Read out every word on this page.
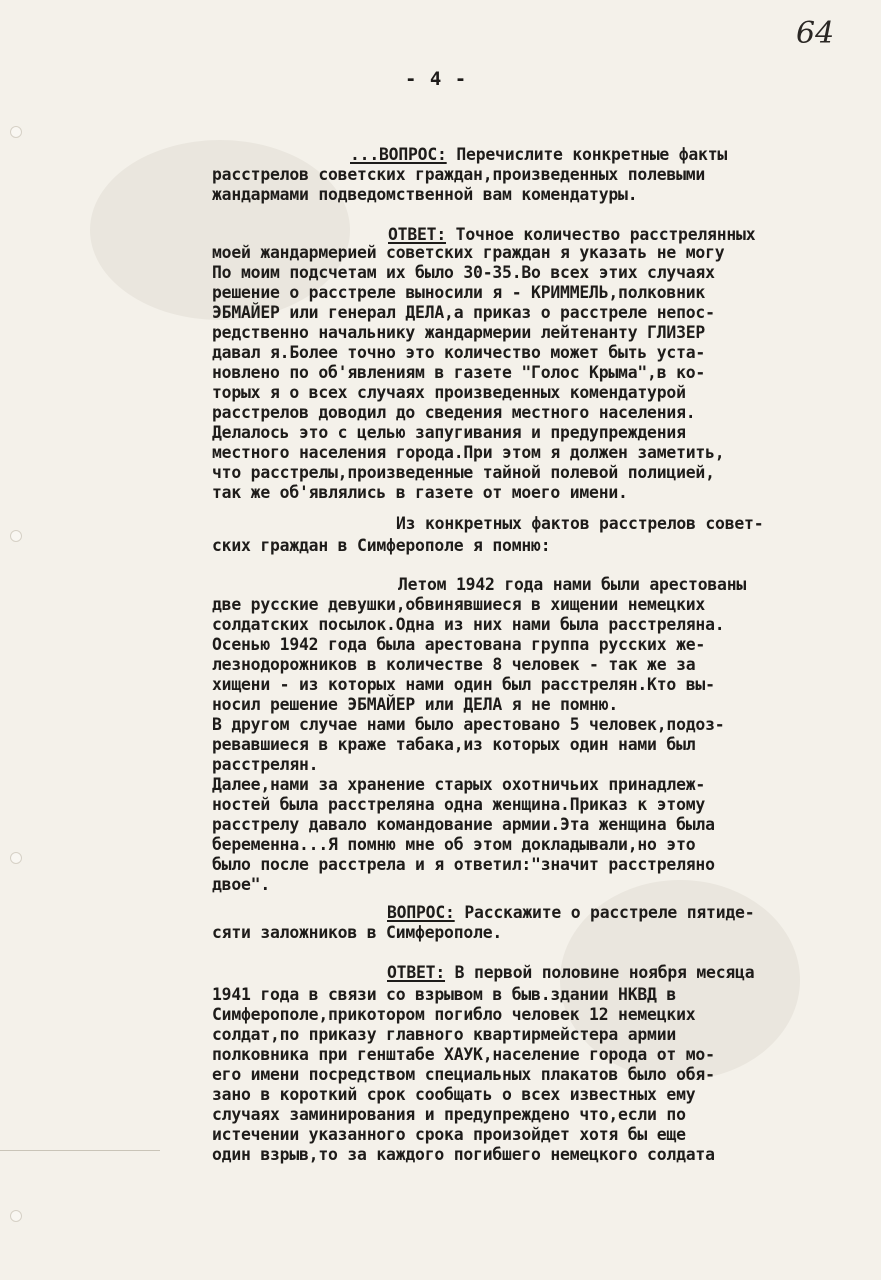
64
- 4 -
...ВОПРОС: Перечислите конкретные факты
расстрелов советских граждан,произведенных полевыми
жандармами подведомственной вам комендатуры.
ОТВЕТ: Точное количество расстрелянных
моей жандармерией советских граждан я указать не могу
По моим подсчетам их было 30-35.Во всех этих случаях
решение о расстреле выносили я - КРИММЕЛЬ,полковник
ЭБМАЙЕР или генерал ДЕЛА,а приказ о расстреле непос-
редственно начальнику жандармерии лейтенанту ГЛИЗЕР
давал я.Более точно это количество может быть уста-
новлено по об'явлениям в газете "Голос Крыма",в ко-
торых я о всех случаях произведенных комендатурой
расстрелов доводил до сведения местного населения.
Делалось это с целью запугивания и предупреждения
местного населения города.При этом я должен заметить,
что расстрелы,произведенные тайной полевой полицией,
так же об'являлись в газете от моего имени.
Из конкретных фактов расстрелов совет-
ских граждан в Симферополе я помню:
Летом 1942 года нами были арестованы
две русские девушки,обвинявшиеся в хищении немецких
солдатских посылок.Одна из них нами была расстреляна.
Осенью 1942 года была арестована группа русских же-
лезнодорожников в количестве 8 человек - так же за
хищени - из которых нами один был расстрелян.Кто вы-
носил решение ЭБМАЙЕР или ДЕЛА я не помню.
В другом случае нами было арестовано 5 человек,подоз-
ревавшиеся в краже табака,из которых один нами был
расстрелян.
Далее,нами за хранение старых охотничьих принадлеж-
ностей была расстреляна одна женщина.Приказ к этому
расстрелу давало командование армии.Эта женщина была
беременна...Я помню мне об этом докладывали,но это
было после расстрела и я ответил:"значит расстреляно
двое".
ВОПРОС: Расскажите о расстреле пятиде-
сяти заложников в Симферополе.
ОТВЕТ: В первой половине ноября месяца
1941 года в связи со взрывом в быв.здании НКВД в
Симферополе,прикотором погибло человек 12 немецких
солдат,по приказу главного квартирмейстера армии
полковника при генштабе ХАУК,население города от мо-
его имени посредством специальных плакатов было обя-
зано в короткий срок сообщать о всех известных ему
случаях заминирования и предупреждено что,если по
истечении указанного срока произойдет хотя бы еще
один взрыв,то за каждого погибшего немецкого солдата
